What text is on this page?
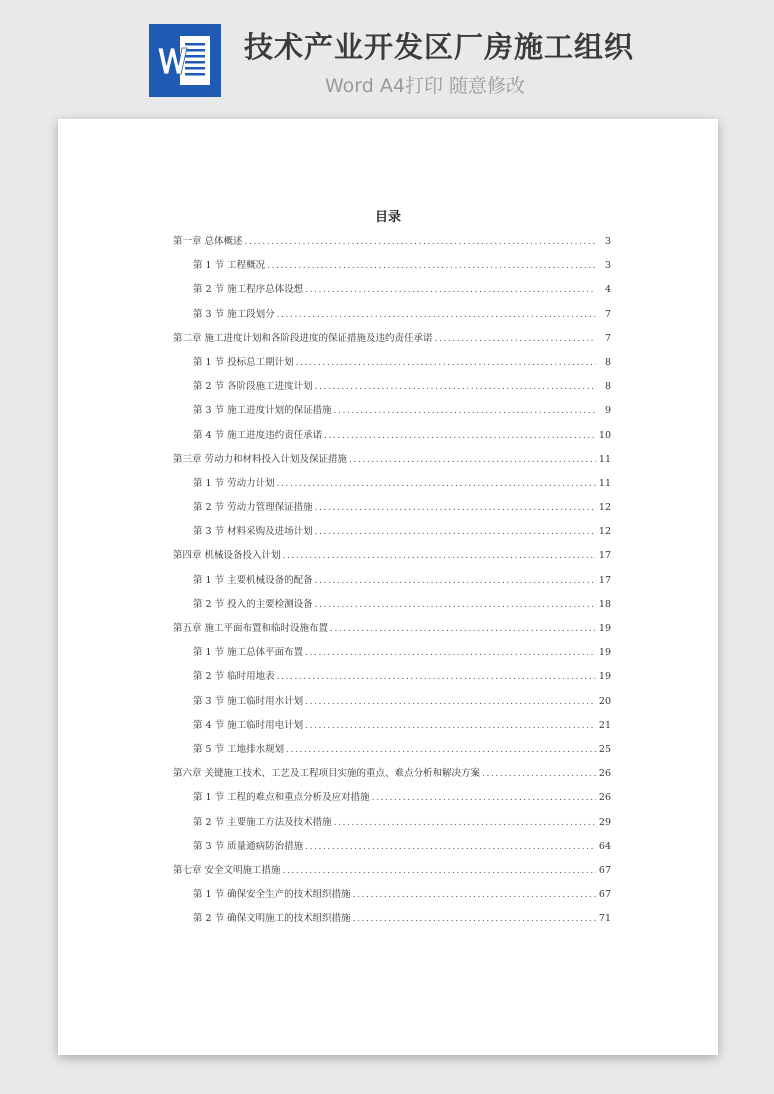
技术产业开发区厂房施工组织
Word A4打印 随意修改
目录
第一章 总体概述 .....	3
第 1 节 工程概况 .....	3
第 2 节 施工程序总体设想 .....	4
第 3 节 施工段划分 .....	7
第二章 施工进度计划和各阶段进度的保证措施及违约责任承诺 .....	7
第 1 节 投标总工期计划 .....	8
第 2 节 各阶段施工进度计划 .....	8
第 3 节 施工进度计划的保证措施 .....	9
第 4 节 施工进度违约责任承诺 .....	10
第三章 劳动力和材料投入计划及保证措施 .....	11
第 1 节 劳动力计划 .....	11
第 2 节 劳动力管理保证措施 .....	12
第 3 节 材料采购及进场计划 .....	12
第四章 机械设备投入计划 .....	17
第 1 节 主要机械设备的配备 .....	17
第 2 节 投入的主要检测设备 .....	18
第五章 施工平面布置和临时设施布置 .....	19
第 1 节 施工总体平面布置 .....	19
第 2 节 临时用地表 .....	19
第 3 节 施工临时用水计划 .....	20
第 4 节 施工临时用电计划 .....	21
第 5 节 工地排水规划 .....	25
第六章 关键施工技术、工艺及工程项目实施的重点、难点分析和解决方案 .....	26
第 1 节 工程的难点和重点分析及应对措施 .....	26
第 2 节 主要施工方法及技术措施 .....	29
第 3 节 质量通病防治措施 .....	64
第七章 安全文明施工措施 .....	67
第 1 节 确保安全生产的技术组织措施 .....	67
第 2 节 确保文明施工的技术组织措施 .....	71
